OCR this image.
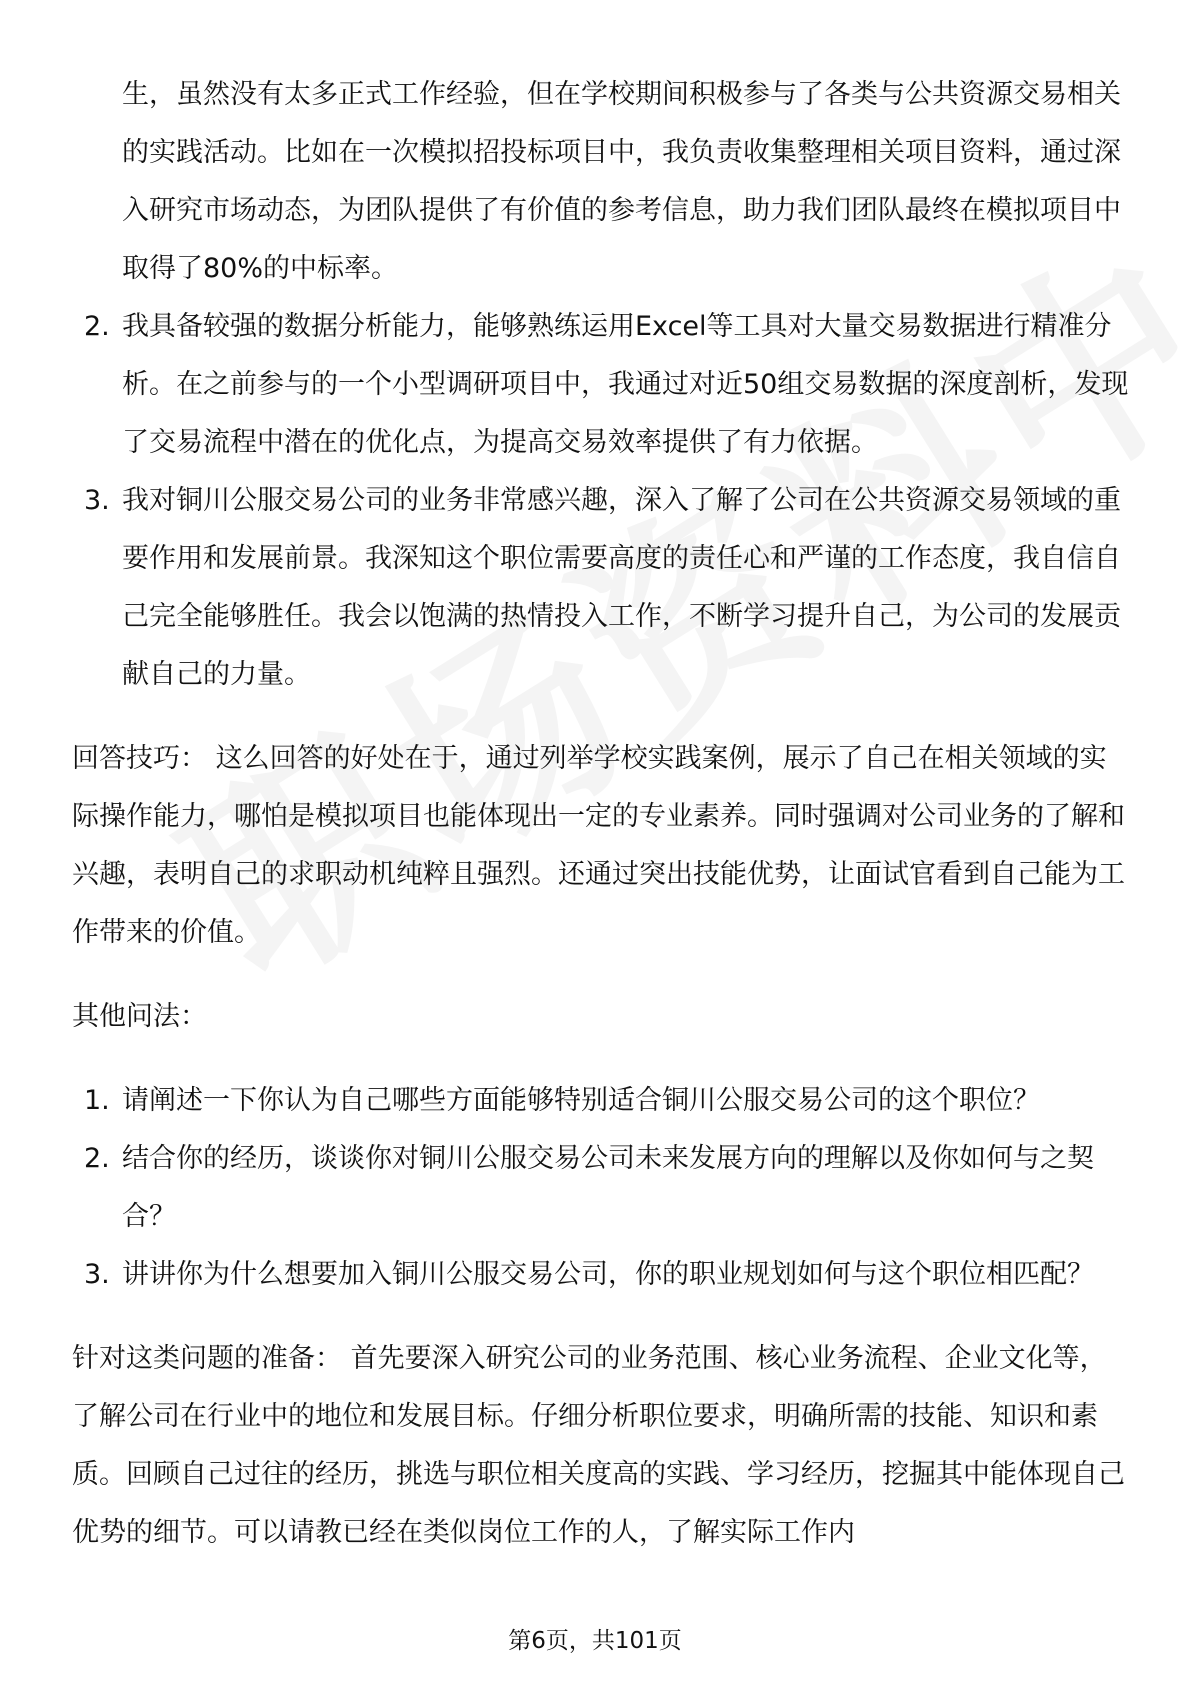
生，虽然没有太多正式工作经验，但在学校期间积极参与了各类与公共资源交易相关的实践活动。比如在一次模拟招投标项目中，我负责收集整理相关项目资料，通过深入研究市场动态，为团队提供了有价值的参考信息，助力我们团队最终在模拟项目中取得了80%的中标率。
2. 我具备较强的数据分析能力，能够熟练运用Excel等工具对大量交易数据进行精准分析。在之前参与的一个小型调研项目中，我通过对近50组交易数据的深度剖析，发现了交易流程中潜在的优化点，为提高交易效率提供了有力依据。
3. 我对铜川公服交易公司的业务非常感兴趣，深入了解了公司在公共资源交易领域的重要作用和发展前景。我深知这个职位需要高度的责任心和严谨的工作态度，我自信自己完全能够胜任。我会以饱满的热情投入工作，不断学习提升自己，为公司的发展贡献自己的力量。

回答技巧： 这么回答的好处在于，通过列举学校实践案例，展示了自己在相关领域的实际操作能力，哪怕是模拟项目也能体现出一定的专业素养。同时强调对公司业务的了解和兴趣，表明自己的求职动机纯粹且强烈。还通过突出技能优势，让面试官看到自己能为工作带来的价值。

其他问法：

1. 请阐述一下你认为自己哪些方面能够特别适合铜川公服交易公司的这个职位？
2. 结合你的经历，谈谈你对铜川公服交易公司未来发展方向的理解以及你如何与之契合？
3. 讲讲你为什么想要加入铜川公服交易公司，你的职业规划如何与这个职位相匹配？

针对这类问题的准备： 首先要深入研究公司的业务范围、核心业务流程、企业文化等，了解公司在行业中的地位和发展目标。仔细分析职位要求，明确所需的技能、知识和素质。回顾自己过往的经历，挑选与职位相关度高的实践、学习经历，挖掘其中能体现自己优势的细节。可以请教已经在类似岗位工作的人，了解实际工作内

第6页，共101页
